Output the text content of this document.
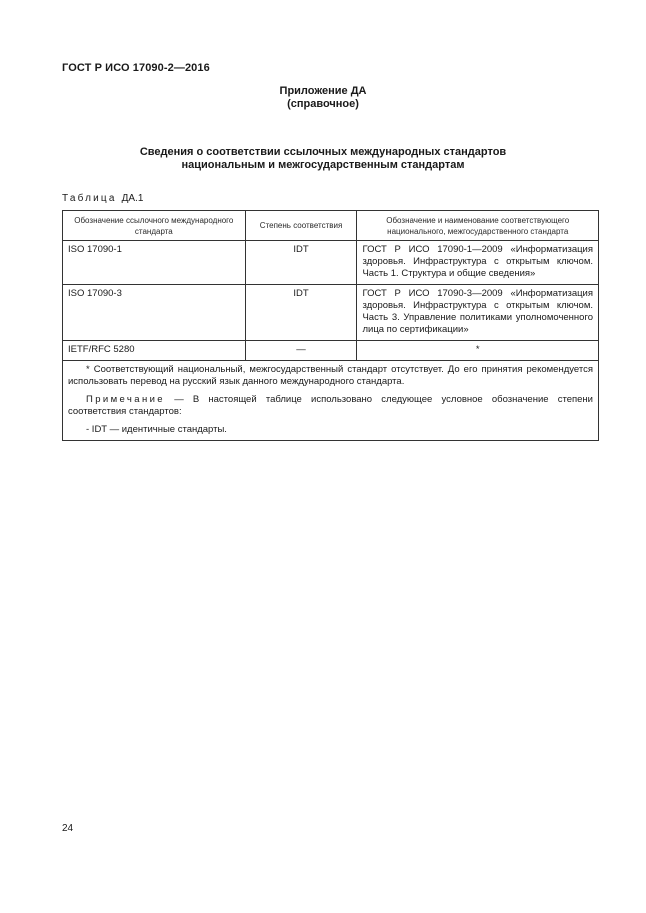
ГОСТ Р ИСО 17090-2—2016
Приложение ДА
(справочное)
Сведения о соответствии ссылочных международных стандартов
национальным и межгосударственным стандартам
Таблица ДА.1
Обозначение ссылочного международного стандарта	Степень соответствия	Обозначение и наименование соответствующего национального, межгосударственного стандарта
ISO 17090-1	IDT	ГОСТ Р ИСО 17090-1—2009 «Информатизация здоровья. Инфраструктура с открытым ключом. Часть 1. Структура и общие сведения»
ISO 17090-3	IDT	ГОСТ Р ИСО 17090-3—2009 «Информатизация здоровья. Инфраструктура с открытым ключом. Часть 3. Управление политиками уполномоченного лица по сертификации»
IETF/RFC 5280	—	*

* Соответствующий национальный, межгосударственный стандарт отсутствует. До его принятия рекомендуется использовать перевод на русский язык данного международного стандарта.

Примечание — В настоящей таблице использовано следующее условное обозначение степени соответствия стандартов:

- IDT — идентичные стандарты.		

24
